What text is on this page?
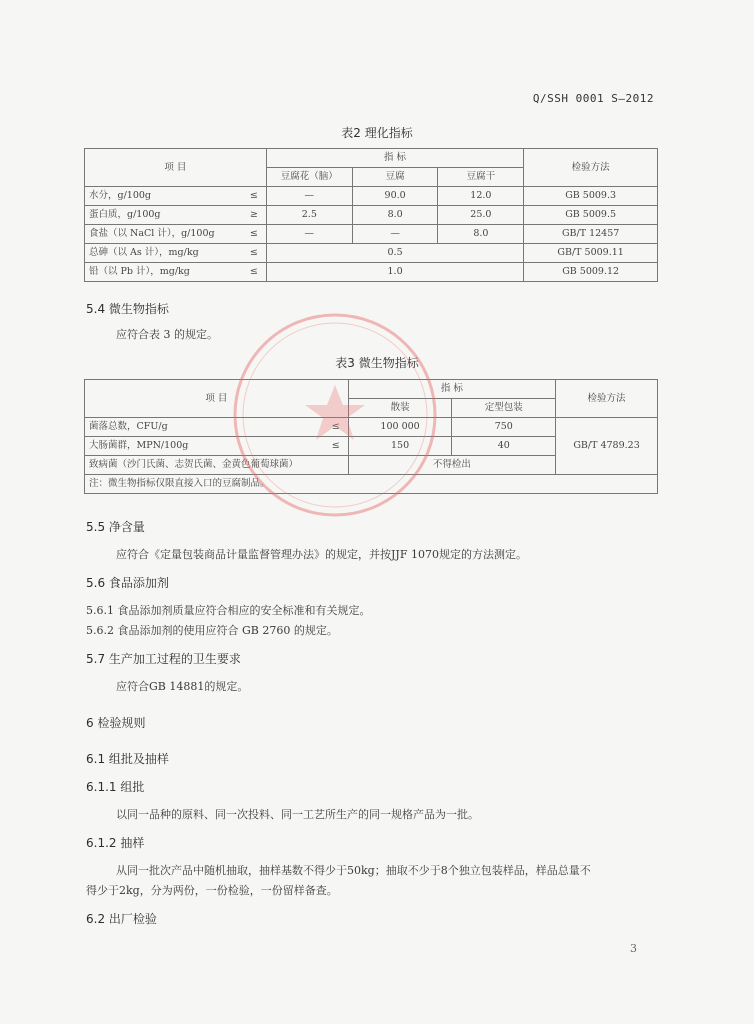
Q/SSH 0001 S—2012
表2 理化指标
项 目		指 标			检验方法
		豆腐花（脑）	豆腐	豆腐干	
水分，g/100g	≤	—	90.0	12.0	GB 5009.3
蛋白质，g/100g	≥	2.5	8.0	25.0	GB 5009.5
食盐（以 NaCl 计），g/100g	≤	—	—	8.0	GB/T 12457
总砷（以 As 计），mg/kg	≤	0.5			GB/T 5009.11
铅（以 Pb 计），mg/kg	≤	1.0			GB 5009.12
5.4 微生物指标
应符合表 3 的规定。
表3 微生物指标
项 目		指 标		检验方法
		散装	定型包装	
菌落总数，CFU/g	≤	100 000	750	GB/T 4789.23
大肠菌群，MPN/100g	≤	150	40	
致病菌（沙门氏菌、志贺氏菌、金黄色葡萄球菌）		不得检出		
注：微生物指标仅限直接入口的豆腐制品。				
5.5 净含量
应符合《定量包装商品计量监督管理办法》的规定，并按JJF 1070规定的方法测定。
5.6 食品添加剂
5.6.1 食品添加剂质量应符合相应的安全标准和有关规定。
5.6.2 食品添加剂的使用应符合 GB 2760 的规定。
5.7 生产加工过程的卫生要求
应符合GB 14881的规定。
6 检验规则
6.1 组批及抽样
6.1.1 组批
以同一品种的原料、同一次投料、同一工艺所生产的同一规格产品为一批。
6.1.2 抽样
从同一批次产品中随机抽取，抽样基数不得少于50kg；抽取不少于8个独立包装样品，样品总量不
得少于2kg，分为两份，一份检验，一份留样备查。
6.2 出厂检验
3
